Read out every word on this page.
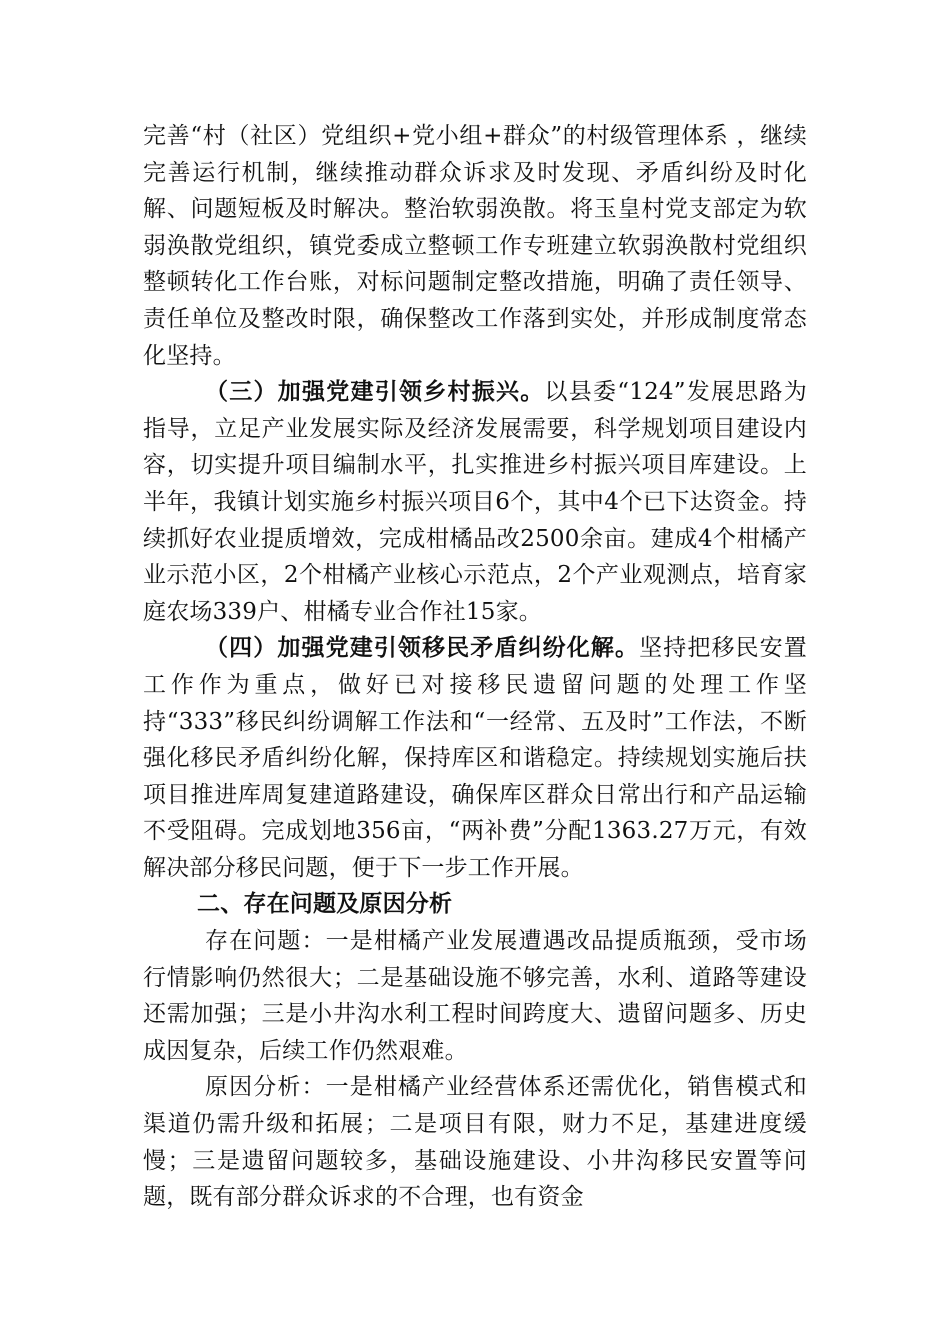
完善“村（社区）党组织+党小组+群众”的村级管理体系 ，继续完善运行机制，继续推动群众诉求及时发现、矛盾纠纷及时化解、问题短板及时解决。整治软弱涣散。将玉皇村党支部定为软弱涣散党组织，镇党委成立整顿工作专班建立软弱涣散村党组织整顿转化工作台账，对标问题制定整改措施，明确了责任领导、责任单位及整改时限，确保整改工作落到实处，并形成制度常态化坚持。

（三）加强党建引领乡村振兴。以县委“124”发展思路为指导，立足产业发展实际及经济发展需要，科学规划项目建设内容，切实提升项目编制水平，扎实推进乡村振兴项目库建设。上半年，我镇计划实施乡村振兴项目6个，其中4个已下达资金。持续抓好农业提质增效，完成柑橘品改2500余亩。建成4个柑橘产业示范小区，2个柑橘产业核心示范点，2个产业观测点，培育家庭农场339户、柑橘专业合作社15家。

（四）加强党建引领移民矛盾纠纷化解。坚持把移民安置工作作为重点，做好已对接移民遗留问题的处理工作坚持“333”移民纠纷调解工作法和“一经常、五及时”工作法，不断强化移民矛盾纠纷化解，保持库区和谐稳定。持续规划实施后扶项目推进库周复建道路建设，确保库区群众日常出行和产品运输不受阻碍。完成划地356亩，“两补费”分配1363.27万元，有效解决部分移民问题，便于下一步工作开展。

二、存在问题及原因分析

存在问题：一是柑橘产业发展遭遇改品提质瓶颈，受市场行情影响仍然很大；二是基础设施不够完善，水利、道路等建设还需加强；三是小井沟水利工程时间跨度大、遗留问题多、历史成因复杂，后续工作仍然艰难。

原因分析：一是柑橘产业经营体系还需优化，销售模式和渠道仍需升级和拓展；二是项目有限，财力不足，基建进度缓慢；三是遗留问题较多，基础设施建设、小井沟移民安置等问题，既有部分群众诉求的不合理，也有资金
